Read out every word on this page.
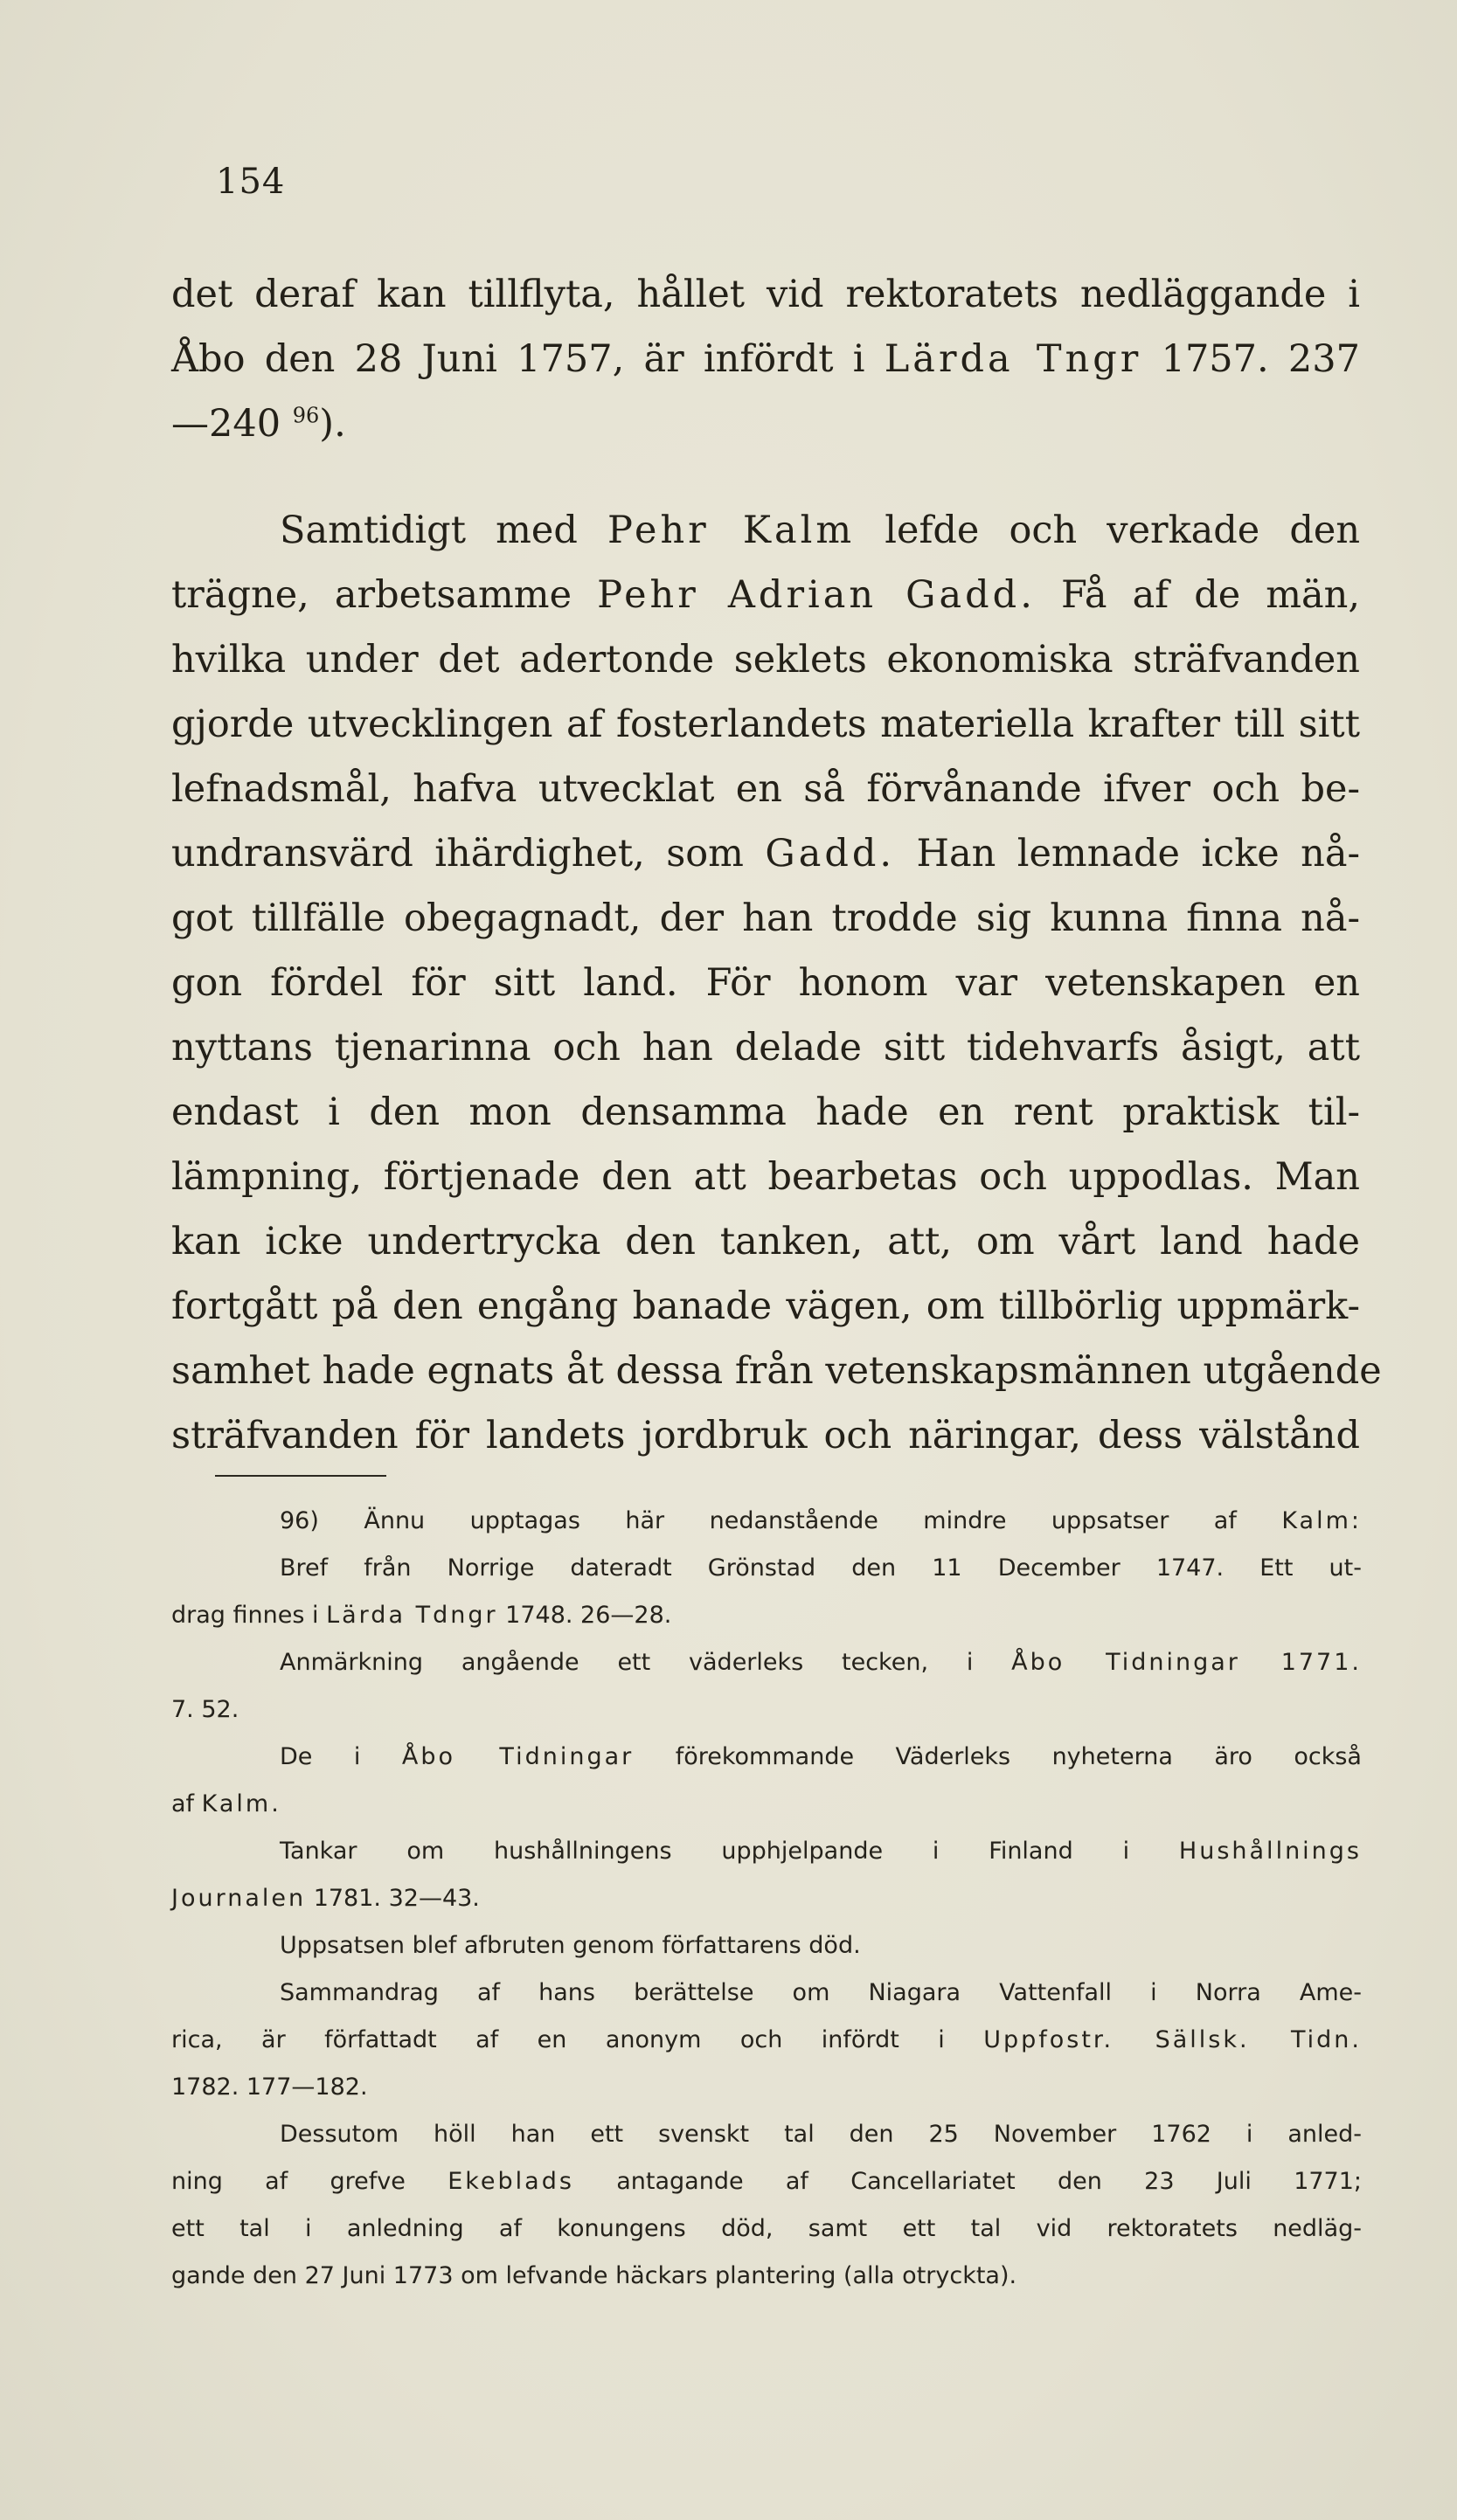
154
det deraf kan tillflyta, hållet vid rektoratets nedläggande i
Åbo den 28 Juni 1757, är infördt i Lärda Tngr 1757. 237
—240 $^{96}$).
Samtidigt med Pehr Kalm lefde och verkade den
trägne, arbetsamme Pehr Adrian Gadd. Få af de män,
hvilka under det adertonde seklets ekonomiska sträfvanden
gjorde utvecklingen af fosterlandets materiella krafter till sitt
lefnadsmål, hafva utvecklat en så förvånande ifver och be-
undransvärd ihärdighet, som Gadd. Han lemnade icke nå-
got tillfälle obegagnadt, der han trodde sig kunna finna nå-
gon fördel för sitt land. För honom var vetenskapen en
nyttans tjenarinna och han delade sitt tidehvarfs åsigt, att
endast i den mon densamma hade en rent praktisk til-
lämpning, förtjenade den att bearbetas och uppodlas. Man
kan icke undertrycka den tanken, att, om vårt land hade
fortgått på den engång banade vägen, om tillbörlig uppmärk-
samhet hade egnats åt dessa från vetenskapsmännen utgående
sträfvanden för landets jordbruk och näringar, dess välstånd
96) Ännu upptagas här nedanstående mindre uppsatser af Kalm:
Bref från Norrige dateradt Grönstad den 11 December 1747. Ett ut-
drag finnes i Lärda Tdngr 1748. 26—28.
Anmärkning angående ett väderleks tecken, i Åbo Tidningar 1771.
7. 52.
De i Åbo Tidningar förekommande Väderleks nyheterna äro också
af Kalm.
Tankar om hushållningens upphjelpande i Finland i Hushållnings
Journalen 1781. 32—43.
Uppsatsen blef afbruten genom författarens död.
Sammandrag af hans berättelse om Niagara Vattenfall i Norra Ame-
rica, är författadt af en anonym och infördt i Uppfostr. Sällsk. Tidn.
1782. 177—182.
Dessutom höll han ett svenskt tal den 25 November 1762 i anled-
ning af grefve Ekeblads antagande af Cancellariatet den 23 Juli 1771;
ett tal i anledning af konungens död, samt ett tal vid rektoratets nedläg-
gande den 27 Juni 1773 om lefvande häckars plantering (alla otryckta).
